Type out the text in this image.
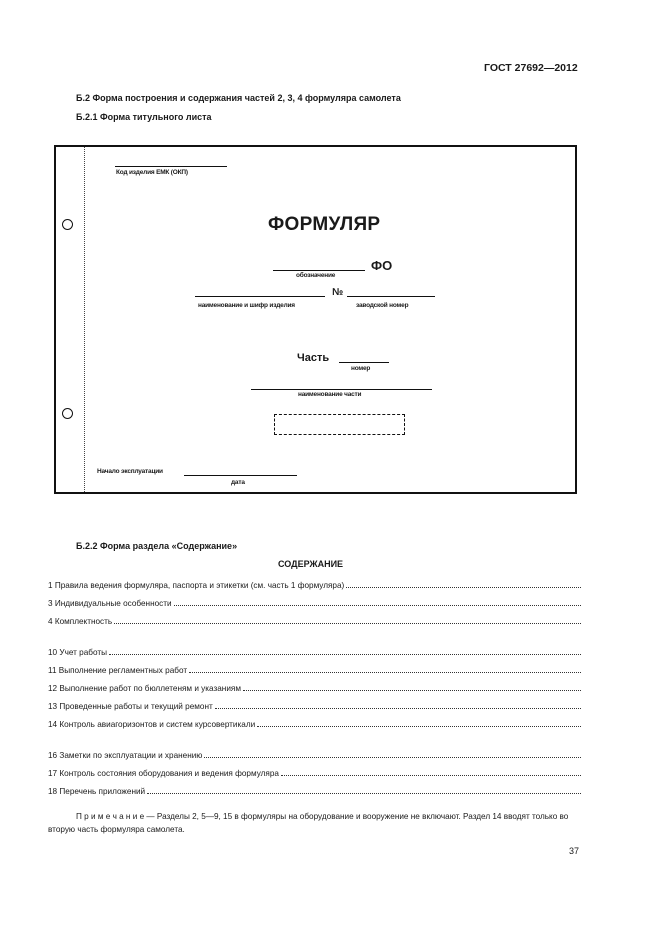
ГОСТ 27692—2012
Б.2 Форма построения и содержания частей 2, 3, 4 формуляра самолета
Б.2.1 Форма титульного листа
Код изделия ЕМК (ОКП)
ФОРМУЛЯР
ФО
обозначение
№
наименование и шифр изделия	заводской номер
Часть
номер
наименование части
Начало эксплуатации
дата
Б.2.2 Форма раздела «Содержание»
СОДЕРЖАНИЕ
1 Правила ведения формуляра, паспорта и этикетки (см. часть 1 формуляра)
3 Индивидуальные особенности
4 Комплектность
10 Учет работы
11 Выполнение регламентных работ
12 Выполнение работ по бюллетеням и указаниям
13 Проведенные работы и текущий ремонт
14 Контроль авиагоризонтов и систем курсовертикали
16 Заметки по эксплуатации и хранению
17 Контроль состояния оборудования и ведения формуляра
18 Перечень приложений
П р и м е ч а н и е — Разделы 2, 5—9, 15 в формуляры на оборудование и вооружение не включают. Раздел 14 вводят только во вторую часть формуляра самолета.
37
